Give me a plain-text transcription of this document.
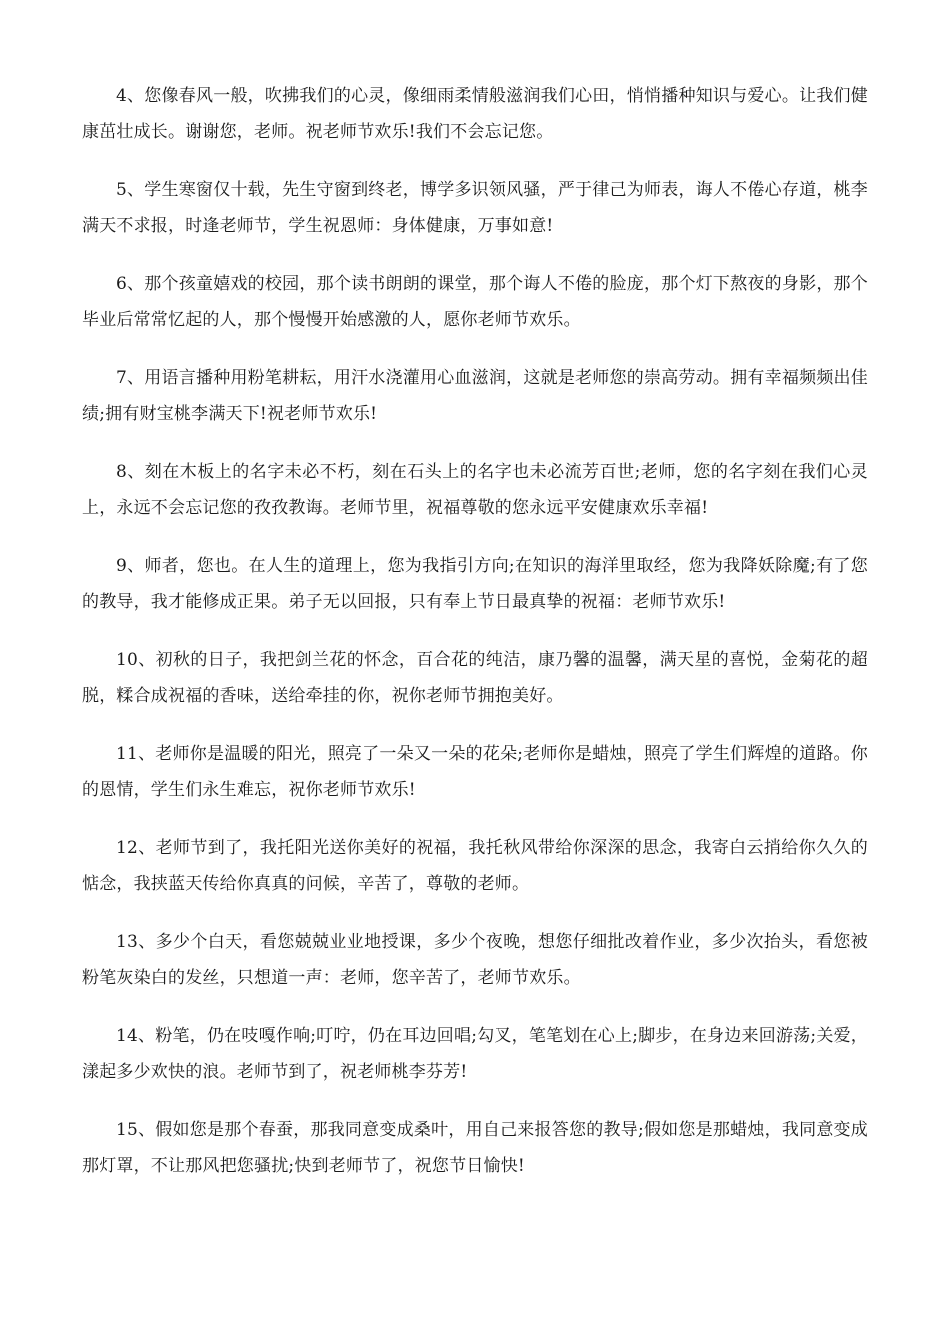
4、您像春风一般，吹拂我们的心灵，像细雨柔情般滋润我们心田，悄悄播种知识与爱心。让我们健康茁壮成长。谢谢您，老师。祝老师节欢乐!我们不会忘记您。

5、学生寒窗仅十载，先生守窗到终老，博学多识领风骚，严于律己为师表，诲人不倦心存道，桃李满天不求报，时逢老师节，学生祝恩师：身体健康，万事如意!

6、那个孩童嬉戏的校园，那个读书朗朗的课堂，那个诲人不倦的脸庞，那个灯下熬夜的身影，那个毕业后常常忆起的人，那个慢慢开始感激的人，愿你老师节欢乐。

7、用语言播种用粉笔耕耘，用汗水浇灌用心血滋润，这就是老师您的崇高劳动。拥有幸福频频出佳绩;拥有财宝桃李满天下!祝老师节欢乐!

8、刻在木板上的名字未必不朽，刻在石头上的名字也未必流芳百世;老师，您的名字刻在我们心灵上，永远不会忘记您的孜孜教诲。老师节里，祝福尊敬的您永远平安健康欢乐幸福!

9、师者，您也。在人生的道理上，您为我指引方向;在知识的海洋里取经，您为我降妖除魔;有了您的教导，我才能修成正果。弟子无以回报，只有奉上节日最真挚的祝福：老师节欢乐!

10、初秋的日子，我把剑兰花的怀念，百合花的纯洁，康乃馨的温馨，满天星的喜悦，金菊花的超脱，糅合成祝福的香味，送给牵挂的你，祝你老师节拥抱美好。

11、老师你是温暖的阳光，照亮了一朵又一朵的花朵;老师你是蜡烛，照亮了学生们辉煌的道路。你的恩情，学生们永生难忘，祝你老师节欢乐!

12、老师节到了，我托阳光送你美好的祝福，我托秋风带给你深深的思念，我寄白云捎给你久久的惦念，我挟蓝天传给你真真的问候，辛苦了，尊敬的老师。

13、多少个白天，看您兢兢业业地授课，多少个夜晚，想您仔细批改着作业，多少次抬头，看您被粉笔灰染白的发丝，只想道一声：老师，您辛苦了，老师节欢乐。

14、粉笔，仍在吱嘎作响;叮咛，仍在耳边回唱;勾叉，笔笔划在心上;脚步，在身边来回游荡;关爱，漾起多少欢快的浪。老师节到了，祝老师桃李芬芳!

15、假如您是那个春蚕，那我同意变成桑叶，用自己来报答您的教导;假如您是那蜡烛，我同意变成那灯罩，不让那风把您骚扰;快到老师节了，祝您节日愉快!
